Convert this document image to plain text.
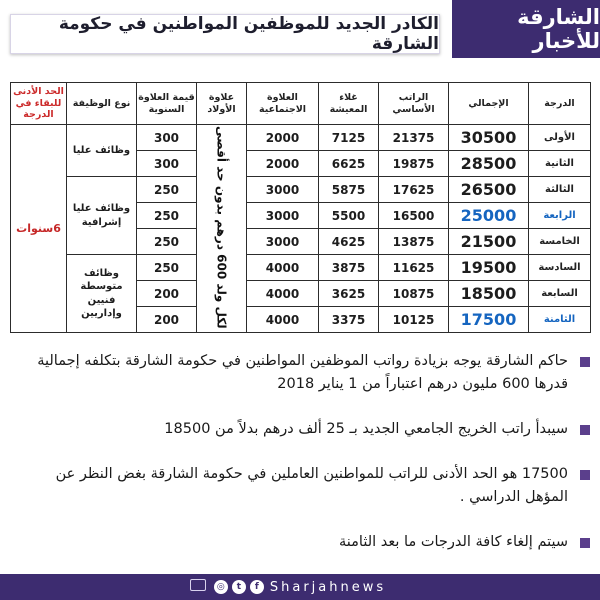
الشارقة للأخبار
الكادر الجديد للموظفين المواطنين في حكومة الشارقة
الدرجة	الإجمالي	الراتب الأساسي	غلاء المعيشة	العلاوة الاجتماعية	علاوة الأولاد	قيمة العلاوة السنوية	نوع الوظيفة	الحد الأدنى للبقاء في الدرجة
الأولى	30500	21375	7125	2000	لكل ولد 600 درهم بدون حد أقصى	300	وظائف عليا	6سنوات
الثانية	28500	19875	6625	2000		300		
الثالثة	26500	17625	5875	3000		250	وظائف عليا إشرافية	
الرابعة	25000	16500	5500	3000		250		
الخامسة	21500	13875	4625	3000		250		
السادسة	19500	11625	3875	4000		250	وظائف متوسطة فنيين وإداريين	
السابعة	18500	10875	3625	4000		200		
الثامنة	17500	10125	3375	4000		200		
حاكم الشارقة يوجه بزيادة رواتب الموظفين المواطنين في حكومة الشارقة بتكلفه إجمالية قدرها 600 مليون درهم اعتباراً من 1 يناير 2018
سيبدأ راتب الخريج الجامعي الجديد بـ 25 ألف درهم بدلاً من 18500
17500 هو الحد الأدنى للراتب للمواطنين العاملين في حكومة الشارقة بغض النظر عن المؤهل الدراسي .
سيتم إلغاء كافة الدرجات ما بعد الثامنة
◎	t	f Sharjahnews
